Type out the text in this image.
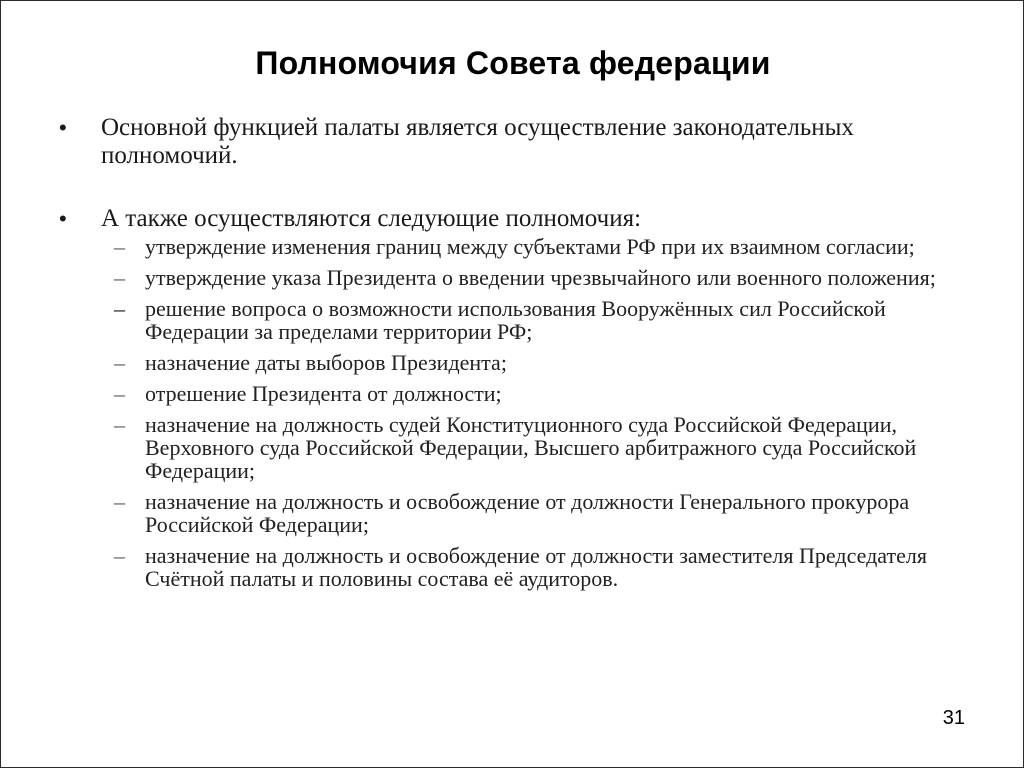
Полномочия Совета федерации
• Основной функцией палаты является осуществление законодательных полномочий.
• А также осуществляются следующие полномочия:
– утверждение изменения границ между субъектами РФ при их взаимном согласии;
– утверждение указа Президента о введении чрезвычайного или военного положения;
– решение вопроса о возможности использования Вооружённых сил Российской Федерации за пределами территории РФ;
– назначение даты выборов Президента;
– отрешение Президента от должности;
– назначение на должность судей Конституционного суда Российской Федерации, Верховного суда Российской Федерации, Высшего арбитражного суда Российской Федерации;
– назначение на должность и освобождение от должности Генерального прокурора Российской Федерации;
– назначение на должность и освобождение от должности заместителя Председателя Счётной палаты и половины состава её аудиторов.
31
